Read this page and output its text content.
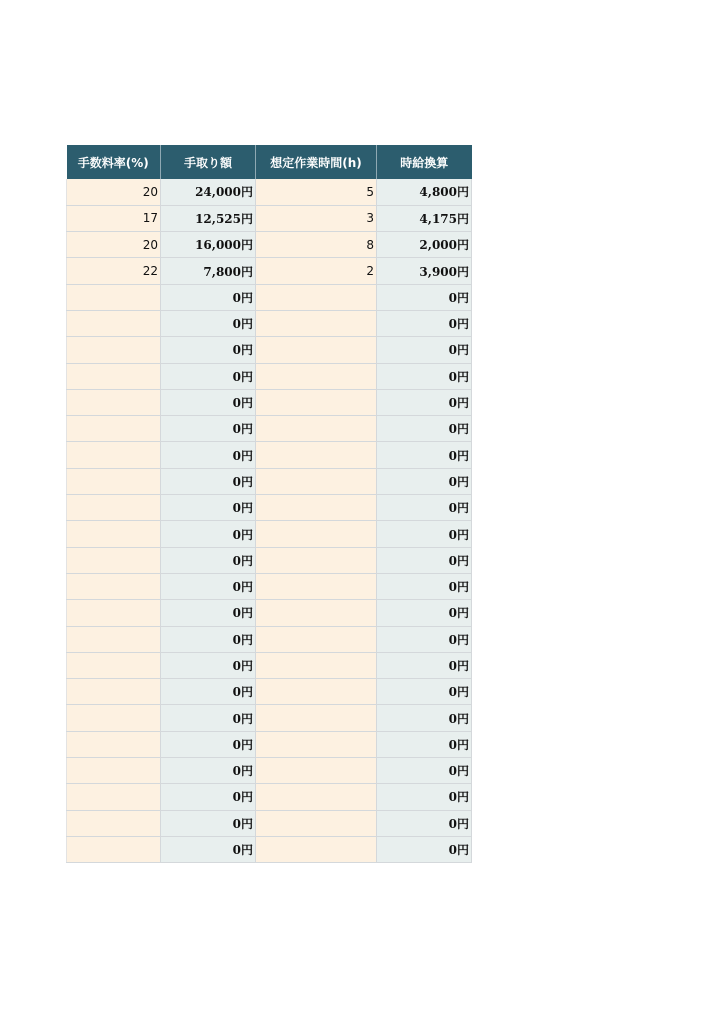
手数料率(%)	手取り額	想定作業時間(h)	時給換算
20	24,000円	5	4,800円
17	12,525円	3	4,175円
20	16,000円	8	2,000円
22	7,800円	2	3,900円
	0円		0円
	0円		0円
	0円		0円
	0円		0円
	0円		0円
	0円		0円
	0円		0円
	0円		0円
	0円		0円
	0円		0円
	0円		0円
	0円		0円
	0円		0円
	0円		0円
	0円		0円
	0円		0円
	0円		0円
	0円		0円
	0円		0円
	0円		0円
	0円		0円
	0円		0円
